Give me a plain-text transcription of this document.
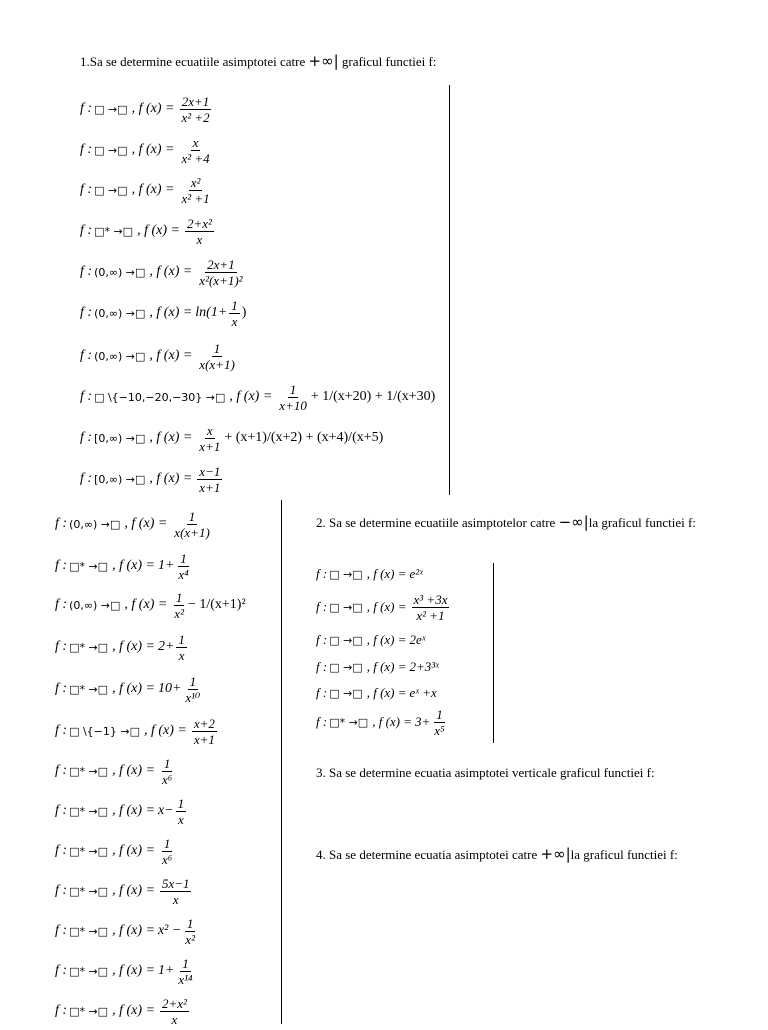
1.Sa se determine ecuatiile asimptotei catre +∞| graficul functiei f:
2. Sa se determine ecuatiile asimptotelor catre −∞|la graficul functiei f:
3. Sa se determine ecuatia asimptotei verticale graficul functiei f:
4. Sa se determine ecuatia asimptotei catre +∞|la graficul functiei f:
f : □ →□ , f $(x) = \frac{2x+1}{\text{x² +2}}$
f : □ →□ , f $(x) = \frac{x}{\text{x² +4}}$
f : □ →□ , f $(x) = \frac{\text{x²}}{\text{x² +1}}$
f : □* →□ , f $(x) = \frac{\text{2+x²}}{x}$
f : (0,∞) →□ , f $(x) = \frac{2x+1}{\text{x²(x+1)²}}$
f : (0,∞) →□ , f $(x) = \ln(1+ \frac{1}{x}$ )
f : (0,∞) →□ , f $(x) = \frac{1}{x(x+1)}$
f : □ \{−10,−20,−30} →□ , f $(x) = \frac{1}{x+10} + 1/(x+20) + 1/(x+30)$
f : [0,∞) →□ , f $(x) = \frac{x}{x+1} + (x+1)/(x+2) + (x+4)/(x+5)$
f : [0,∞) →□ , f $(x) = \frac{x-1}{x+1}$
f : (0,∞) →□ , f $(x) = \frac{1}{x(x+1)}$
f : □* →□ , f $(x) = 1+ \frac{1}{\text{x⁴}}$
f : (0,∞) →□ , f $(x) = \frac{1}{\text{x²}} - 1/(x+1)^2$
f : □* →□ , f $(x) = 2+ \frac{1}{x}$
f : □* →□ , f $(x) = 10+ \frac{1}{\text{x¹⁰}}$
f : □ \{−1} →□ , f $(x) = \frac{x+2}{x+1}$
f : □* →□ , f $(x) = \frac{1}{\text{x⁶}}$
f : □* →□ , f $(x) = x- \frac{1}{x}$
f : □* →□ , f $(x) = \frac{1}{\text{x⁶}}$
f : □* →□ , f $(x) = \frac{5x-1}{x}$
f : □* →□ , f $(x) = x^2 - \frac{1}{\text{x²}}$
f : □* →□ , f $(x) = 1+ \frac{1}{\text{x¹⁴}}$
f : □* →□ , f $(x) = \frac{\text{2+x²}}{x}$
f : □ →□ , f (x) = e²ˣ
f : □ →□ , f $(x) = \frac{\text{x³ +3x}}{\text{x² +1}}$
f : □ →□ , f (x) = 2eˣ
f : □ →□ , f (x) = 2+3³ˣ
f : □ →□ , f (x) = eˣ +x
f : □* →□ , f $(x) = 3+ \frac{1}{\text{x⁵}}$
